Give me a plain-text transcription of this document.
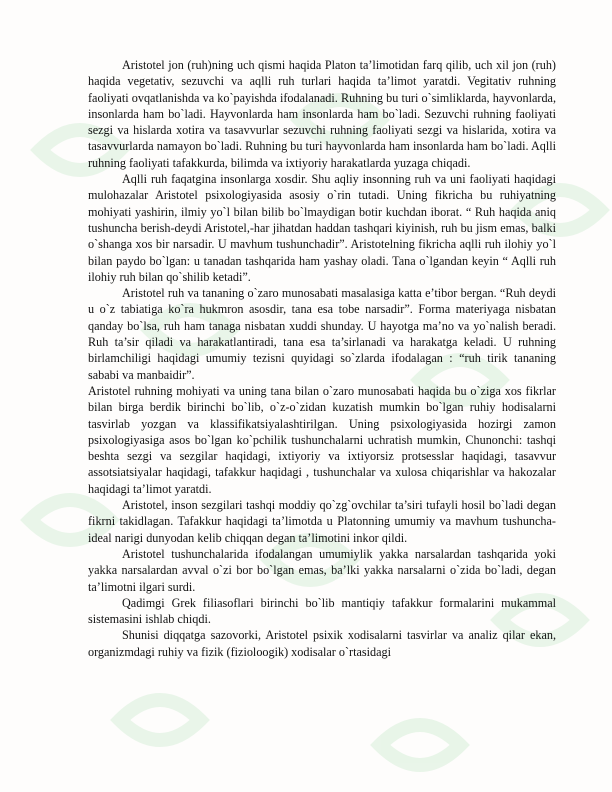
Aristotel jon (ruh)ning uch qismi haqida Platon ta’limotidan farq qilib, uch xil jon (ruh) haqida vegetativ, sezuvchi va aqlli ruh turlari haqida ta’limot yaratdi. Vegitativ ruhning faoliyati ovqatlanishda va ko`payishda ifodalanadi. Ruhning bu turi o`simliklarda, hayvonlarda, insonlarda ham bo`ladi. Hayvonlarda ham insonlarda ham bo`ladi. Sezuvchi ruhning faoliyati sezgi va hislarda xotira va tasavvurlar sezuvchi ruhning faoliyati sezgi va hislarida, xotira va tasavvurlarda namayon bo`ladi. Ruhning bu turi hayvonlarda ham insonlarda ham bo`ladi. Aqlli ruhning faoliyati tafakkurda, bilimda va ixtiyoriy harakatlarda yuzaga chiqadi.

Aqlli ruh faqatgina insonlarga xosdir. Shu aqliy insonning ruh va uni faoliyati haqidagi mulohazalar Aristotel psixologiyasida asosiy o`rin tutadi. Uning fikricha bu ruhiyatning mohiyati yashirin, ilmiy yo`l bilan bilib bo`lmaydigan botir kuchdan iborat. “ Ruh haqida aniq tushuncha berish-deydi Aristotel,-har jihatdan haddan tashqari kiyinish, ruh bu jism emas, balki o`shanga xos bir narsadir. U mavhum tushunchadir”. Aristotelning fikricha aqlli ruh ilohiy yo`l bilan paydo bo`lgan: u tanadan tashqarida ham yashay oladi. Tana o`lgandan keyin “ Aqlli ruh ilohiy ruh bilan qo`shilib ketadi”.

Aristotel ruh va tananing o`zaro munosabati masalasiga katta e’tibor bergan. “Ruh deydi u o`z tabiatiga ko`ra hukmron asosdir, tana esa tobe narsadir”. Forma materiyaga nisbatan qanday bo`lsa, ruh ham tanaga nisbatan xuddi shunday. U hayotga ma’no va yo`nalish beradi. Ruh ta’sir qiladi va harakatlantiradi, tana esa ta’sirlanadi va harakatga keladi. U ruhning birlamchiligi haqidagi umumiy tezisni quyidagi so`zlarda ifodalagan : “ruh tirik tananing sababi va manbaidir”.

Aristotel ruhning mohiyati va uning tana bilan o`zaro munosabati haqida bu o`ziga xos fikrlar bilan birga berdik birinchi bo`lib, o`z-o`zidan kuzatish mumkin bo`lgan ruhiy hodisalarni tasvirlab yozgan va klassifikatsiyalashtirilgan. Uning psixologiyasida hozirgi zamon psixologiyasiga asos bo`lgan ko`pchilik tushunchalarni uchratish mumkin, Chunonchi: tashqi beshta sezgi va sezgilar haqidagi, ixtiyoriy va ixtiyorsiz protsesslar haqidagi, tasavvur assotsiatsiyalar haqidagi, tafakkur haqidagi , tushunchalar va xulosa chiqarishlar va hakozalar haqidagi ta’limot yaratdi.

Aristotel, inson sezgilari tashqi moddiy qo`zg`ovchilar ta’siri tufayli hosil bo`ladi degan fikrni takidlagan. Tafakkur haqidagi ta’limotda u Platonning umumiy va mavhum tushuncha-ideal narigi dunyodan kelib chiqqan degan ta’limotini inkor qildi.

Aristotel tushunchalarida ifodalangan umumiylik yakka narsalardan tashqarida yoki yakka narsalardan avval o`zi bor bo`lgan emas, ba’lki yakka narsalarni o`zida bo`ladi, degan ta’limotni ilgari surdi.

Qadimgi Grek filiasoflari birinchi bo`lib mantiqiy tafakkur formalarini mukammal sistemasini ishlab chiqdi.

Shunisi diqqatga sazovorki, Aristotel psixik xodisalarni tasvirlar va analiz qilar ekan, organizmdagi ruhiy va fizik (fizioloogik) xodisalar o`rtasidagi
